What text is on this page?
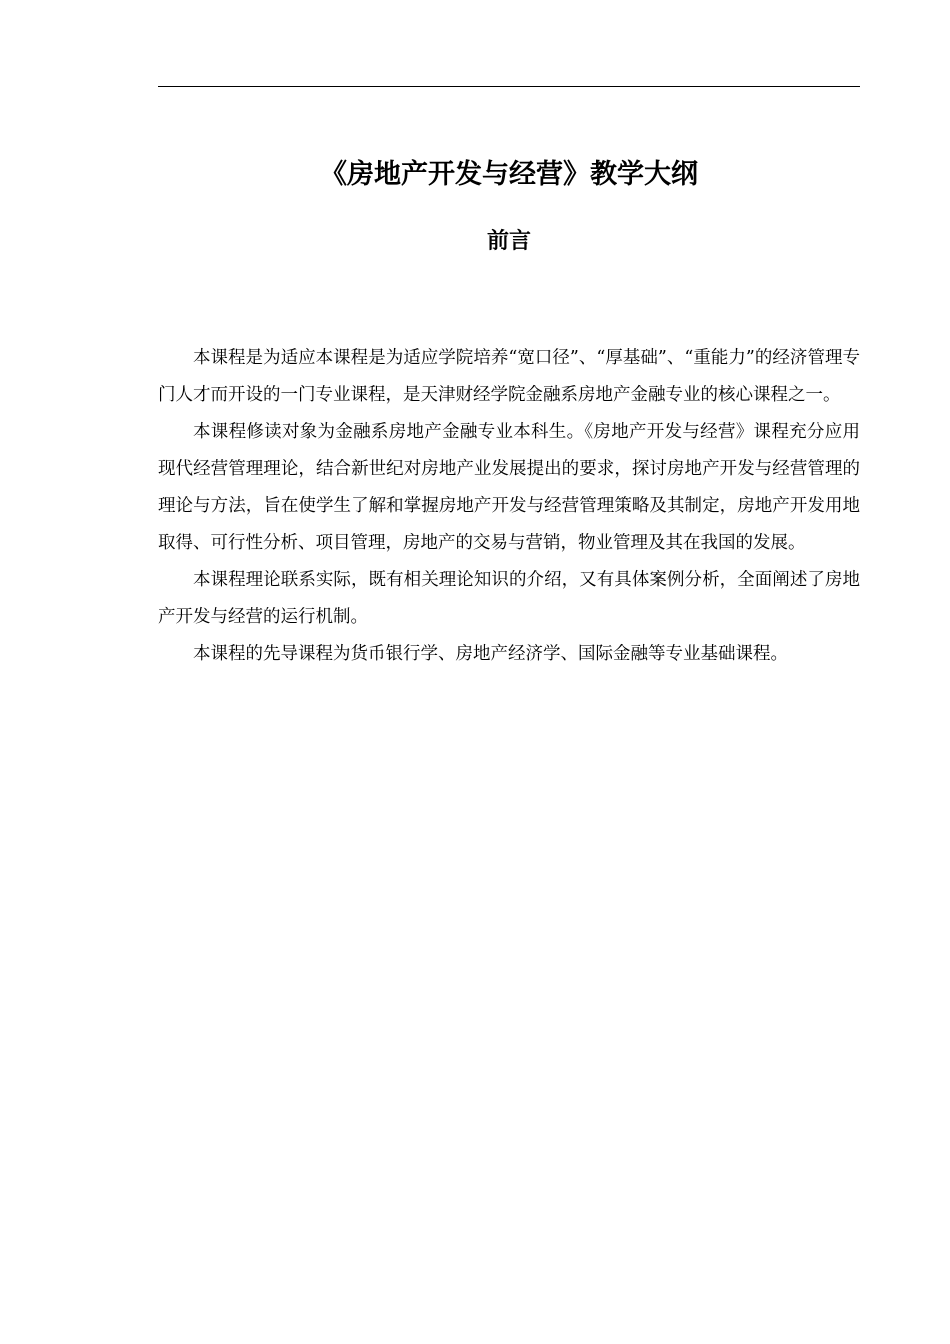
《房地产开发与经营》教学大纲
前言

本课程是为适应本课程是为适应学院培养“宽口径”、“厚基础”、“重能力”的经济管理专门人才而开设的一门专业课程，是天津财经学院金融系房地产金融专业的核心课程之一。

本课程修读对象为金融系房地产金融专业本科生。《房地产开发与经营》课程充分应用现代经营管理理论，结合新世纪对房地产业发展提出的要求，探讨房地产开发与经营管理的理论与方法，旨在使学生了解和掌握房地产开发与经营管理策略及其制定，房地产开发用地取得、可行性分析、项目管理，房地产的交易与营销，物业管理及其在我国的发展。

本课程理论联系实际，既有相关理论知识的介绍，又有具体案例分析，全面阐述了房地产开发与经营的运行机制。

本课程的先导课程为货币银行学、房地产经济学、国际金融等专业基础课程。
